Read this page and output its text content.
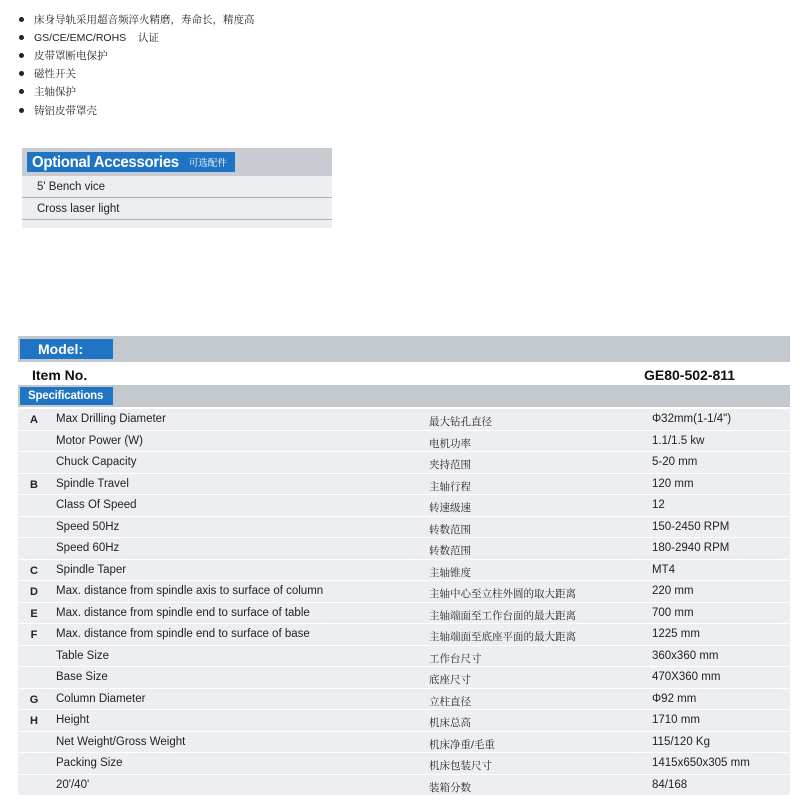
床身导轨采用超音频淬火精磨，寿命长，精度高
GS/CE/EMC/ROHS    认证
皮带罩断电保护
磁性开关
主轴保护
铸铝皮带罩壳
Optional Accessories 可选配件
5' Bench vice
Cross laser light
Model:
Item No.	GE80-502-811
Specifications
A	Max Drilling Diameter	最大钻孔直径	Φ32mm(1-1/4")
Motor Power (W)	电机功率	1.1/1.5 kw
Chuck Capacity	夹持范围	5-20 mm
B	Spindle Travel	主轴行程	120 mm
Class Of Speed	转速级速	12
Speed 50Hz	转数范围	150-2450 RPM
Speed 60Hz	转数范围	180-2940 RPM
C	Spindle Taper	主轴锥度	MT4
D	Max. distance from spindle axis to surface of column	主轴中心至立柱外圆的取大距离	220 mm
E	Max. distance from spindle end to surface of table	主轴端面至工作台面的最大距离	700 mm
F	Max. distance from spindle end to surface of base	主轴端面至底座平面的最大距离	1225 mm
Table Size	工作台尺寸	360x360 mm
Base Size	底座尺寸	470X360 mm
G	Column Diameter	立柱直径	Φ92 mm
H	Height	机床总高	1710 mm
Net Weight/Gross Weight	机床净重/毛重	115/120 Kg
Packing Size	机床包装尺寸	1415x650x305 mm
20'/40'	装箱分数	84/168
